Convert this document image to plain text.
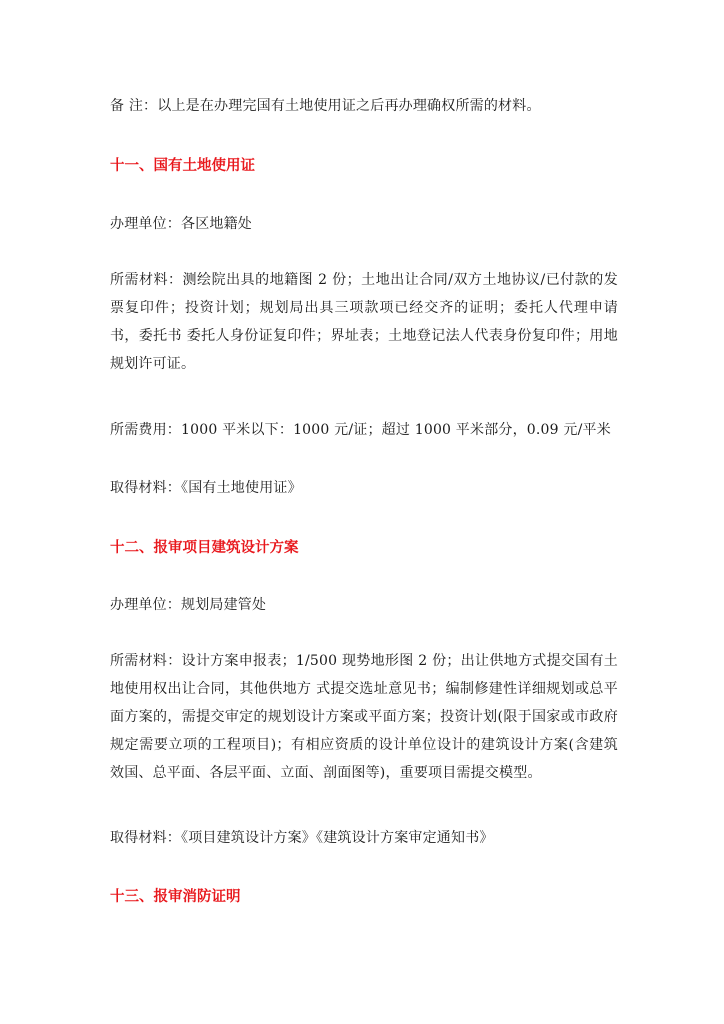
备 注：以上是在办理完国有土地使用证之后再办理确权所需的材料。

十一、国有土地使用证

办理单位：各区地籍处

所需材料：测绘院出具的地籍图 2 份；土地出让合同/双方土地协议/已付款的发票复印件；投资计划；规划局出具三项款项已经交齐的证明；委托人代理申请书，委托书 委托人身份证复印件；界址表；土地登记法人代表身份复印件；用地规划许可证。

所需费用：1000 平米以下：1000 元/证；超过 1000 平米部分，0.09 元/平米

取得材料：《国有土地使用证》

十二、报审项目建筑设计方案

办理单位：规划局建管处

所需材料：设计方案申报表；1/500 现势地形图 2 份；出让供地方式提交国有土地使用权出让合同，其他供地方 式提交选址意见书；编制修建性详细规划或总平面方案的，需提交审定的规划设计方案或平面方案；投资计划(限于国家或市政府规定需要立项的工程项目)；有相应资质的设计单位设计的建筑设计方案(含建筑效国、总平面、各层平面、立面、剖面图等)，重要项目需提交模型。

取得材料：《项目建筑设计方案》《建筑设计方案审定通知书》

十三、报审消防证明
